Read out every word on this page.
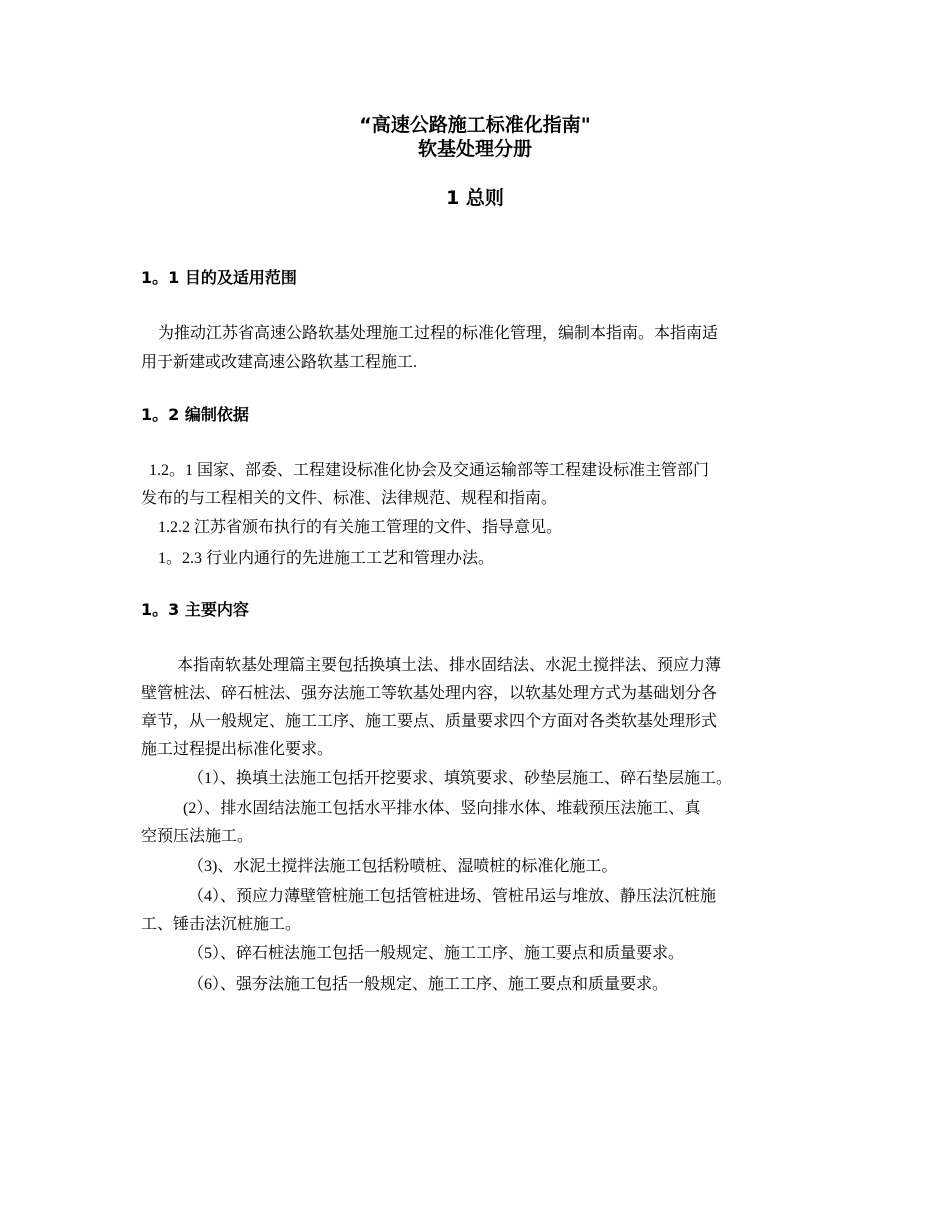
“高速公路施工标准化指南"
软基处理分册
1 总则
1。1 目的及适用范围
为推动江苏省高速公路软基处理施工过程的标准化管理，编制本指南。本指南适
用于新建或改建高速公路软基工程施工.
1。2 编制依据
1.2。1 国家、部委、工程建设标准化协会及交通运输部等工程建设标准主管部门
发布的与工程相关的文件、标准、法律规范、规程和指南。
1.2.2 江苏省颁布执行的有关施工管理的文件、指导意见。
1。2.3 行业内通行的先进施工工艺和管理办法。
1。3 主要内容
本指南软基处理篇主要包括换填土法、排水固结法、水泥土搅拌法、预应力薄
壁管桩法、碎石桩法、强夯法施工等软基处理内容，以软基处理方式为基础划分各
章节，从一般规定、施工工序、施工要点、质量要求四个方面对各类软基处理形式
施工过程提出标准化要求。
（1）、换填土法施工包括开挖要求、填筑要求、砂垫层施工、碎石垫层施工。
(2）、排水固结法施工包括水平排水体、竖向排水体、堆载预压法施工、真
空预压法施工。
（3)、水泥土搅拌法施工包括粉喷桩、湿喷桩的标准化施工。
（4）、预应力薄壁管桩施工包括管桩进场、管桩吊运与堆放、静压法沉桩施
工、锤击法沉桩施工。
（5）、碎石桩法施工包括一般规定、施工工序、施工要点和质量要求。
（6）、强夯法施工包括一般规定、施工工序、施工要点和质量要求。
